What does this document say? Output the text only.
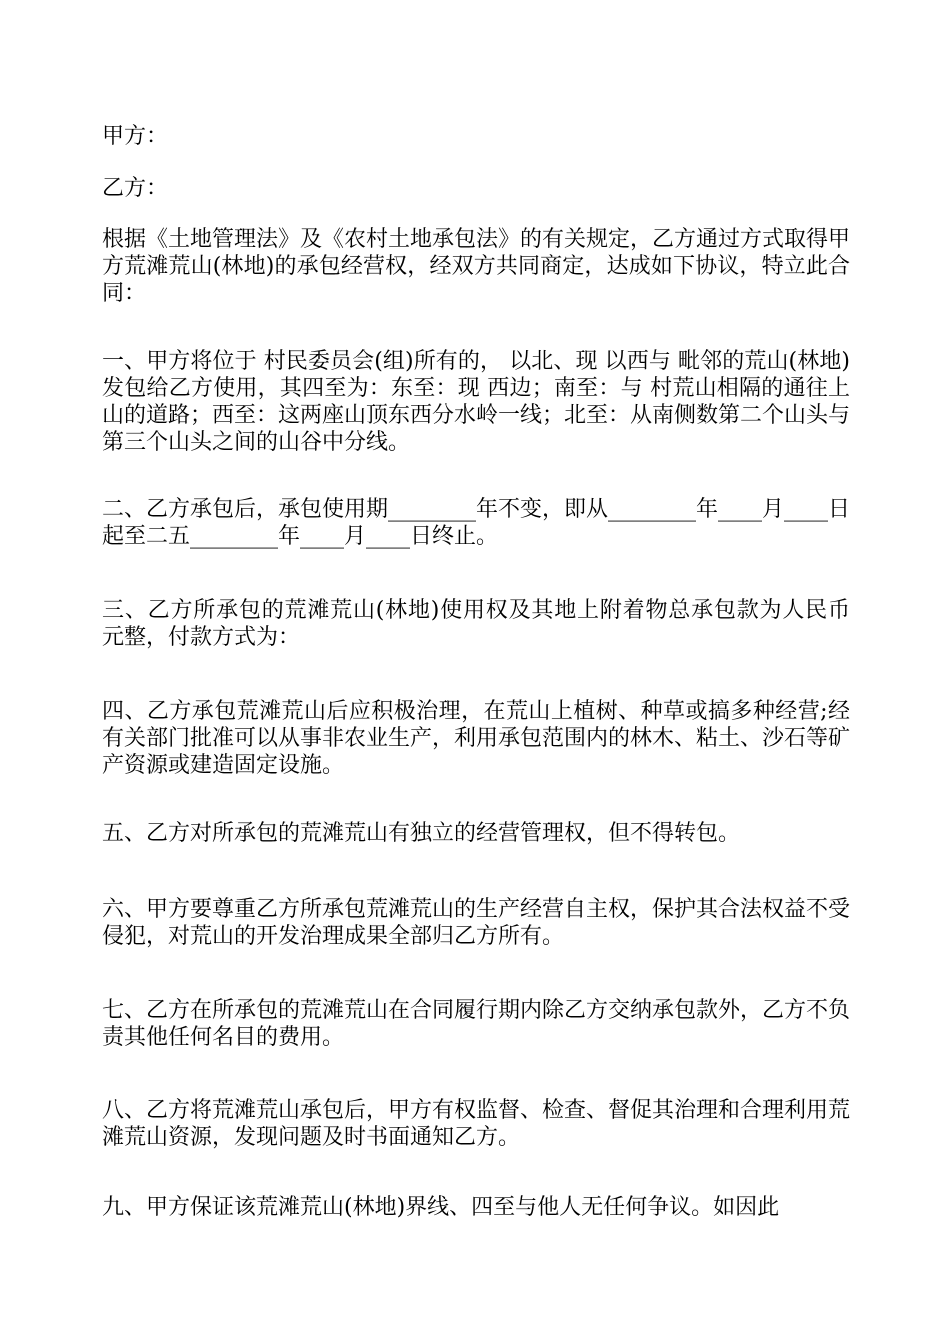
甲方：

乙方：

根据《土地管理法》及《农村土地承包法》的有关规定，乙方通过方式取得甲方荒滩荒山(林地)的承包经营权，经双方共同商定，达成如下协议，特立此合同：

一、甲方将位于 村民委员会(组)所有的， 以北、现 以西与 毗邻的荒山(林地)发包给乙方使用，其四至为：东至：现 西边；南至：与 村荒山相隔的通往上山的道路；西至：这两座山顶东西分水岭一线；北至：从南侧数第二个山头与第三个山头之间的山谷中分线。

二、乙方承包后，承包使用期________年不变，即从________年____月____日起至二五________年____月____日终止。

三、乙方所承包的荒滩荒山(林地)使用权及其地上附着物总承包款为人民币 元整，付款方式为：

四、乙方承包荒滩荒山后应积极治理，在荒山上植树、种草或搞多种经营;经有关部门批准可以从事非农业生产，利用承包范围内的林木、粘土、沙石等矿产资源或建造固定设施。

五、乙方对所承包的荒滩荒山有独立的经营管理权，但不得转包。

六、甲方要尊重乙方所承包荒滩荒山的生产经营自主权，保护其合法权益不受侵犯，对荒山的开发治理成果全部归乙方所有。

七、乙方在所承包的荒滩荒山在合同履行期内除乙方交纳承包款外，乙方不负责其他任何名目的费用。

八、乙方将荒滩荒山承包后，甲方有权监督、检查、督促其治理和合理利用荒滩荒山资源，发现问题及时书面通知乙方。

九、甲方保证该荒滩荒山(林地)界线、四至与他人无任何争议。如因此
